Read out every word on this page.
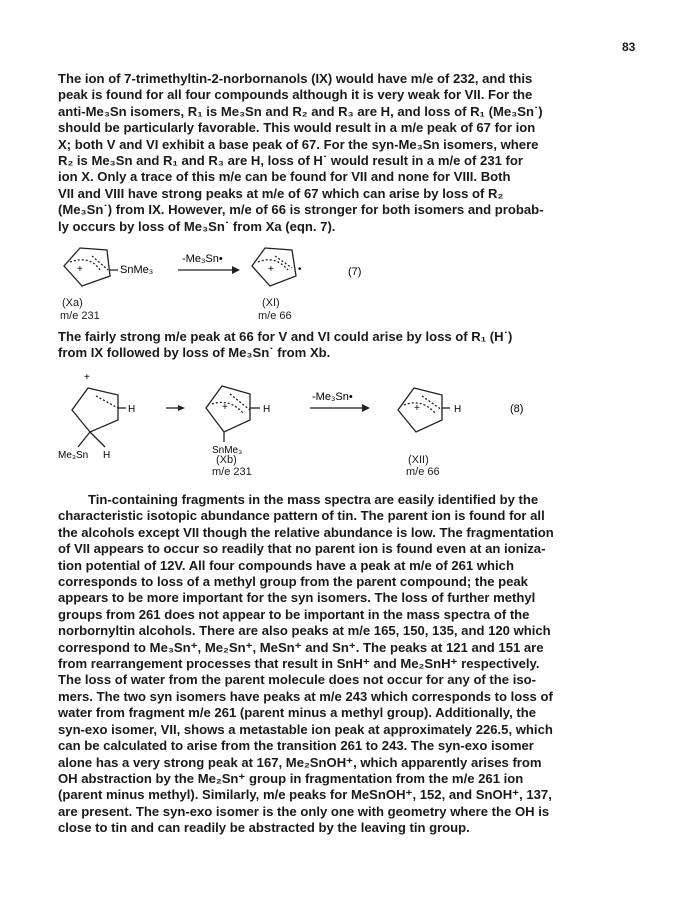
83

The ion of 7-trimethyltin-2-norbornanols (IX) would have m/e of 232, and this
peak is found for all four compounds although it is very weak for VII. For the
anti-Me₃Sn isomers, R₁ is Me₃Sn and R₂ and R₃ are H, and loss of R₁ (Me₃Sn˙)
should be particularly favorable. This would result in a m/e peak of 67 for ion
X; both V and VI exhibit a base peak of 67. For the syn-Me₃Sn isomers, where
R₂ is Me₃Sn and R₁ and R₃ are H, loss of H˙ would result in a m/e of 231 for
ion X. Only a trace of this m/e can be found for VII and none for VIII. Both
VII and VIII have strong peaks at m/e of 67 which can arise by loss of R₂
(Me₃Sn˙) from IX. However, m/e of 66 is stronger for both isomers and probab-
ly occurs by loss of Me₃Sn˙ from Xa (eqn. 7).

+	SnMe₃
-Me₃Sn•
+ •	(7)
(Xa)
m/e 231
(XI)
m/e 66

The fairly strong m/e peak at 66 for V and VI could arise by loss of R₁ (H˙)
from IX followed by loss of Me₃Sn˙ from Xb.

+
H
Me₃Sn H
+	H
SnMe₃
-Me₃Sn•
+	H	(8)
(Xb)
m/e 231
(XII)
m/e 66

Tin-containing fragments in the mass spectra are easily identified by the
characteristic isotopic abundance pattern of tin. The parent ion is found for all
the alcohols except VII though the relative abundance is low. The fragmentation
of VII appears to occur so readily that no parent ion is found even at an ioniza-
tion potential of 12V. All four compounds have a peak at m/e of 261 which
corresponds to loss of a methyl group from the parent compound; the peak
appears to be more important for the syn isomers. The loss of further methyl
groups from 261 does not appear to be important in the mass spectra of the
norbornyltin alcohols. There are also peaks at m/e 165, 150, 135, and 120 which
correspond to Me₃Sn⁺, Me₂Sn⁺, MeSn⁺ and Sn⁺. The peaks at 121 and 151 are
from rearrangement processes that result in SnH⁺ and Me₂SnH⁺ respectively.
The loss of water from the parent molecule does not occur for any of the iso-
mers. The two syn isomers have peaks at m/e 243 which corresponds to loss of
water from fragment m/e 261 (parent minus a methyl group). Additionally, the
syn-exo isomer, VII, shows a metastable ion peak at approximately 226.5, which
can be calculated to arise from the transition 261 to 243. The syn-exo isomer
alone has a very strong peak at 167, Me₂SnOH⁺, which apparently arises from
OH abstraction by the Me₂Sn⁺ group in fragmentation from the m/e 261 ion
(parent minus methyl). Similarly, m/e peaks for MeSnOH⁺, 152, and SnOH⁺, 137,
are present. The syn-exo isomer is the only one with geometry where the OH is
close to tin and can readily be abstracted by the leaving tin group.
